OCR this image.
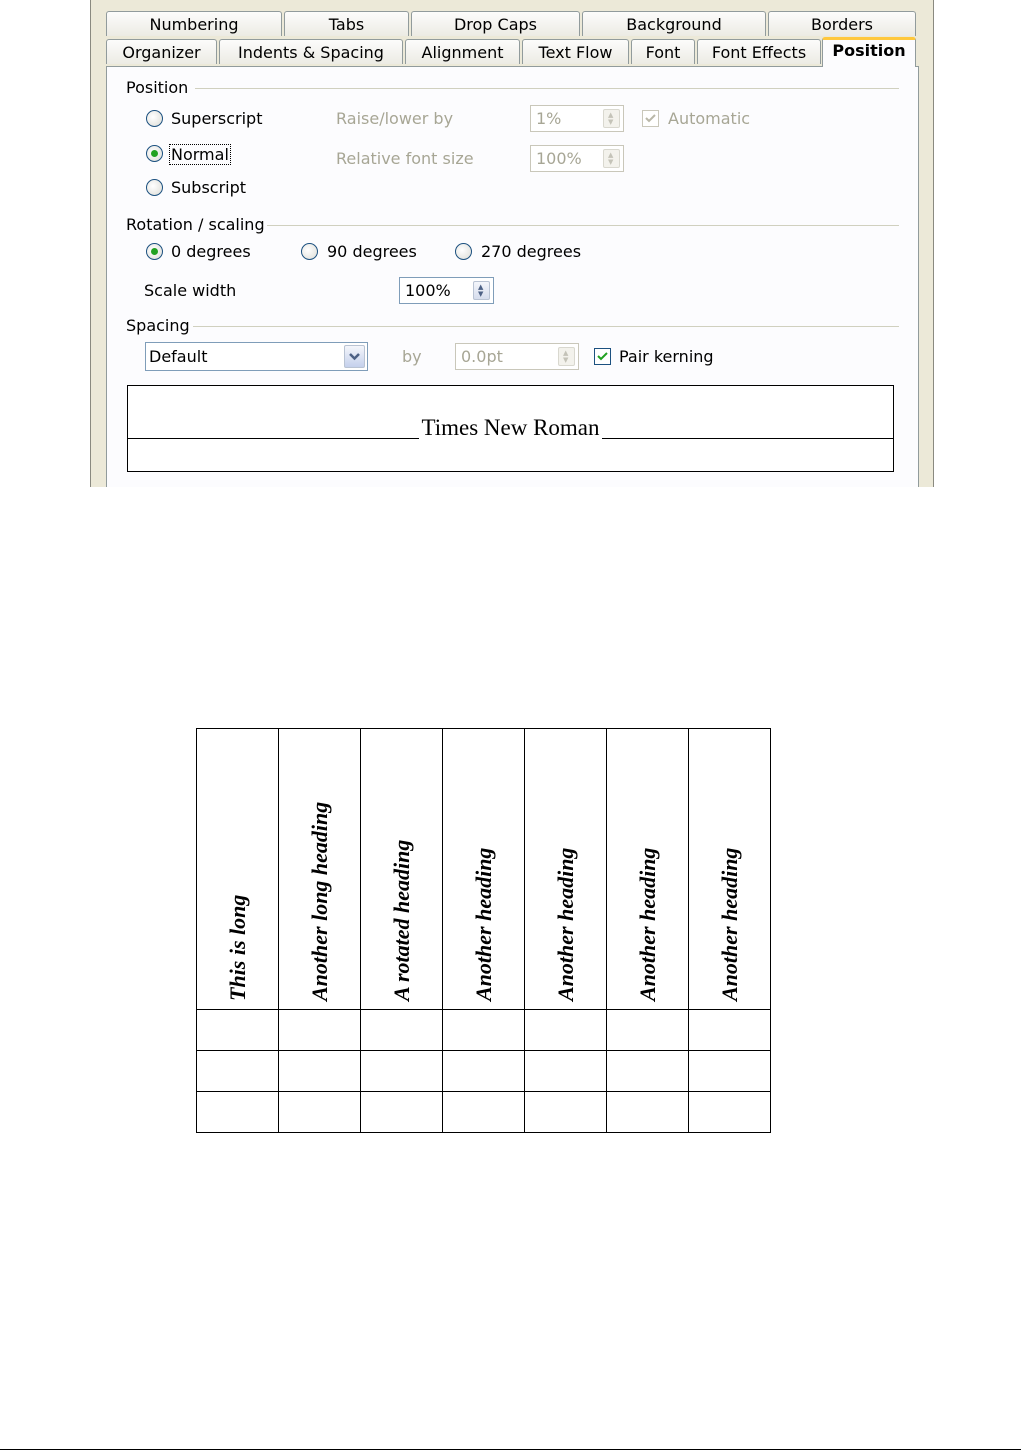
Numbering	Tabs	Drop Caps	Background	Borders
Organizer	Indents & Spacing	Alignment	Text Flow	Font	Font Effects	Position
Position
Superscript
Normal
Subscript
Raise/lower by	1%	▲
▼	Automatic
Relative font size	100%	▲
▼
Rotation / scaling
0 degrees	90 degrees	270 degrees
Scale width	100%	▲
▼
Spacing
Default	by 0.0pt	▲
▼	Pair kerning
Times New Roman
This is long	Another long heading	A rotated heading	Another heading	Another heading	Another heading	Another heading
